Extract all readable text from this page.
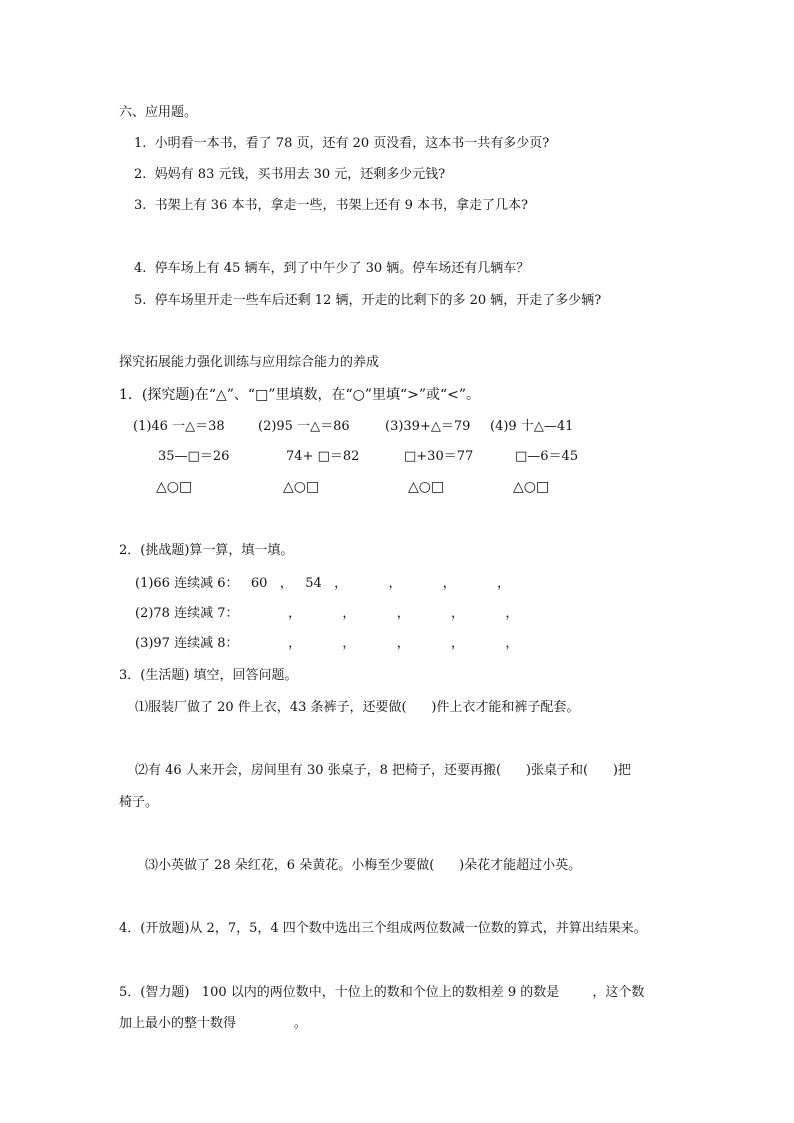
六、应用题。
1.  小明看一本书，看了 78 页，还有 20 页没看，这本书一共有多少页?
2.  妈妈有 83 元钱，买书用去 30 元，还剩多少元钱?
3.  书架上有 36 本书，拿走一些，书架上还有 9 本书，拿走了几本?
4.  停车场上有 45 辆车，到了中午少了 30 辆。停车场还有几辆车？
5.  停车场里开走一些车后还剩 12 辆，开走的比剩下的多 20 辆，开走了多少辆?
探究拓展能力强化训练与应用综合能力的养成
1．(探究题)在“△”、“□”里填数，在“○”里填“>”或“<”。
(1)46 一△＝38	(2)95 一△＝86	(3)39+△＝79 (4)9 十△—41
35—□＝26	74+ □＝82	□+30＝77	□—6＝45
△○□	△○□	△○□	△○□
2．(挑战题)算一算，填一填。
(1)66 连续减 6：   60   ，   54   ，          ，          ，          ，
(2)78 连续减 7：            ，          ，          ，          ，          ，
(3)97 连续减 8：            ，          ，          ，          ，          ，
3．(生活题) 填空，回答问题。
⑴服装厂做了 20 件上衣，43 条裤子，还要做(      )件上衣才能和裤子配套。
⑵有 46 人来开会，房间里有 30 张桌子，8 把椅子，还要再搬(      )张桌子和(      )把
椅子。
⑶小英做了 28 朵红花，6 朵黄花。小梅至少要做(      )朵花才能超过小英。
4．(开放题)从 2，7，5，4 四个数中选出三个组成两位数减一位数的算式，并算出结果来。
5．(智力题)   100 以内的两位数中，十位上的数和个位上的数相差 9 的数是        ，这个数
加上最小的整十数得              。
